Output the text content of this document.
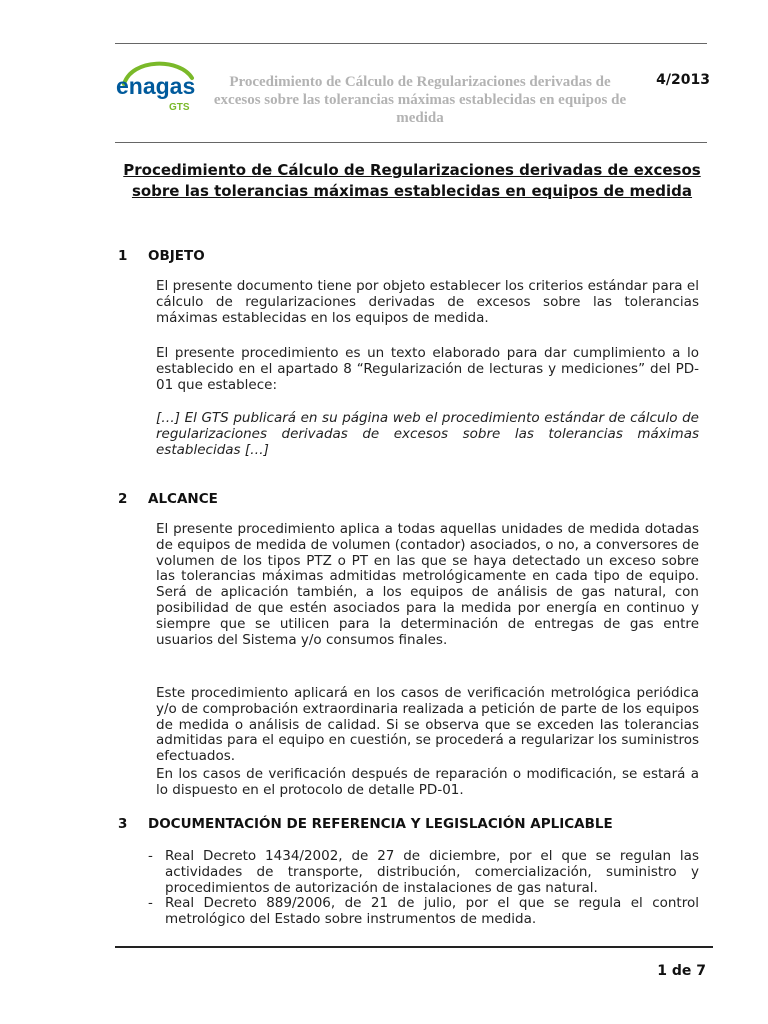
enagas
GTS
Procedimiento de Cálculo de Regularizaciones derivadas de excesos sobre las tolerancias máximas establecidas en equipos de medida
4/2013
Procedimiento de Cálculo de Regularizaciones derivadas de excesos sobre las tolerancias máximas establecidas en equipos de medida
1 OBJETO

El presente documento tiene por objeto establecer los criterios estándar para el cálculo de regularizaciones derivadas de excesos sobre las tolerancias máximas establecidas en los equipos de medida.

El presente procedimiento es un texto elaborado para dar cumplimiento a lo establecido en el apartado 8 “Regularización de lecturas y mediciones” del PD-01 que establece:

[…] El GTS publicará en su página web el procedimiento estándar de cálculo de regularizaciones derivadas de excesos sobre las tolerancias máximas establecidas […]

2 ALCANCE

El presente procedimiento aplica a todas aquellas unidades de medida dotadas de equipos de medida de volumen (contador) asociados, o no, a conversores de volumen de los tipos PTZ o PT en las que se haya detectado un exceso sobre las tolerancias máximas admitidas metrológicamente en cada tipo de equipo. Será de aplicación también, a los equipos de análisis de gas natural, con posibilidad de que estén asociados para la medida por energía en continuo y siempre que se utilicen para la determinación de entregas de gas entre usuarios del Sistema y/o consumos finales.

Este procedimiento aplicará en los casos de verificación metrológica periódica y/o de comprobación extraordinaria realizada a petición de parte de los equipos de medida o análisis de calidad. Si se observa que se exceden las tolerancias admitidas para el equipo en cuestión, se procederá a regularizar los suministros efectuados.

En los casos de verificación después de reparación o modificación, se estará a lo dispuesto en el protocolo de detalle PD-01.

3 DOCUMENTACIÓN DE REFERENCIA Y LEGISLACIÓN APLICABLE
- Real Decreto 1434/2002, de 27 de diciembre, por el que se regulan las actividades de transporte, distribución, comercialización, suministro y procedimientos de autorización de instalaciones de gas natural.
- Real Decreto 889/2006, de 21 de julio, por el que se regula el control metrológico del Estado sobre instrumentos de medida.
1 de 7
